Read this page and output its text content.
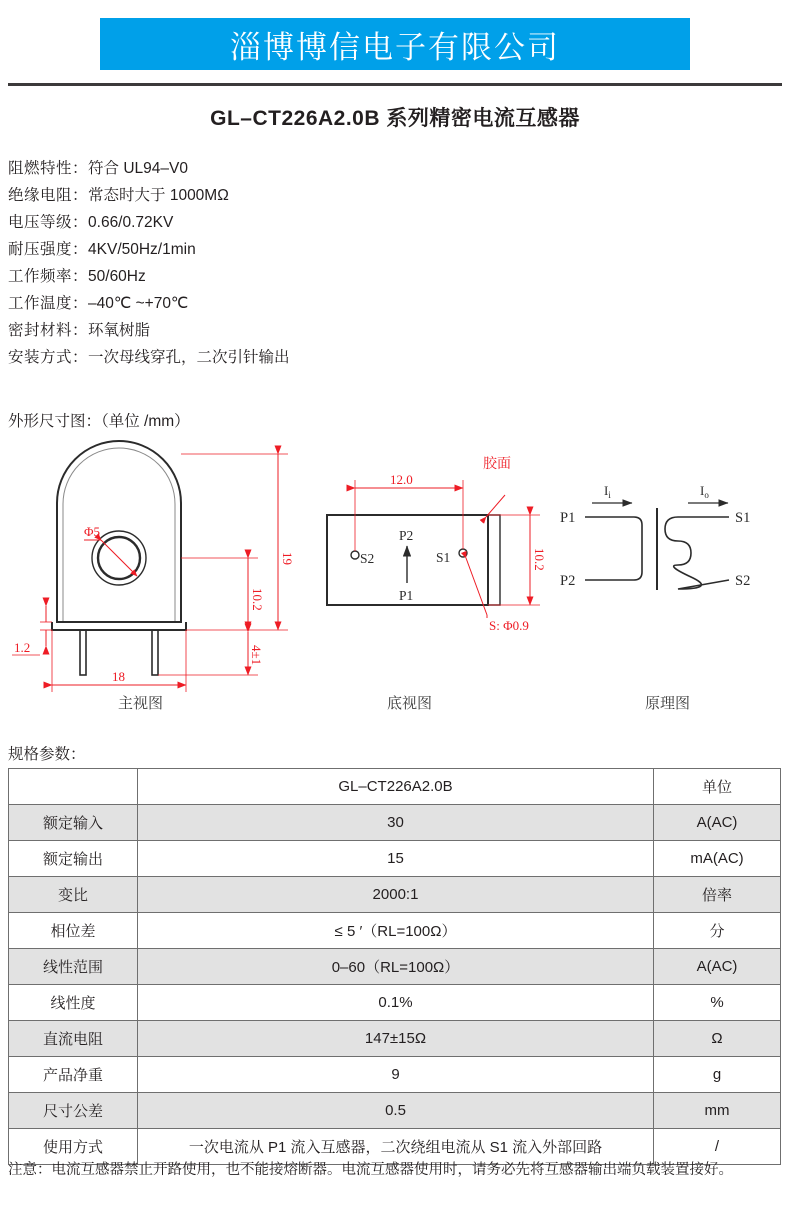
淄博博信电子有限公司
GL–CT226A2.0B 系列精密电流互感器
阻燃特性：符合 UL94–V0
绝缘电阻：常态时大于 1000MΩ
电压等级：0.66/0.72KV
耐压强度：4KV/50Hz/1min
工作频率：50/60Hz
工作温度：–40℃ ~+70℃
密封材料：环氧树脂
安装方式：一次母线穿孔，二次引针输出
外形尺寸图：（单位 /mm）
Φ5
19
10.2
4±1
1.2
18
S2	S1
P2
P1
12.0
10.2
胶面
S: Φ0.9
P1
P2
S1
S2
$I_i$	$I_o$
主视图	底视图	原理图
规格参数：
	GL–CT226A2.0B	单位
额定输入	30	A(AC)
额定输出	15	mA(AC)
变比	2000:1	倍率
相位差	≤ 5 ′（RL=100Ω）	分
线性范围	0–60（RL=100Ω）	A(AC)
线性度	0.1%	%
直流电阻	147±15Ω	Ω
产品净重	9	g
尺寸公差	0.5	mm
使用方式	一次电流从 P1 流入互感器，二次绕组电流从 S1 流入外部回路	/
注意：电流互感器禁止开路使用，也不能接熔断器。电流互感器使用时，请务必先将互感器输出端负载装置接好。
